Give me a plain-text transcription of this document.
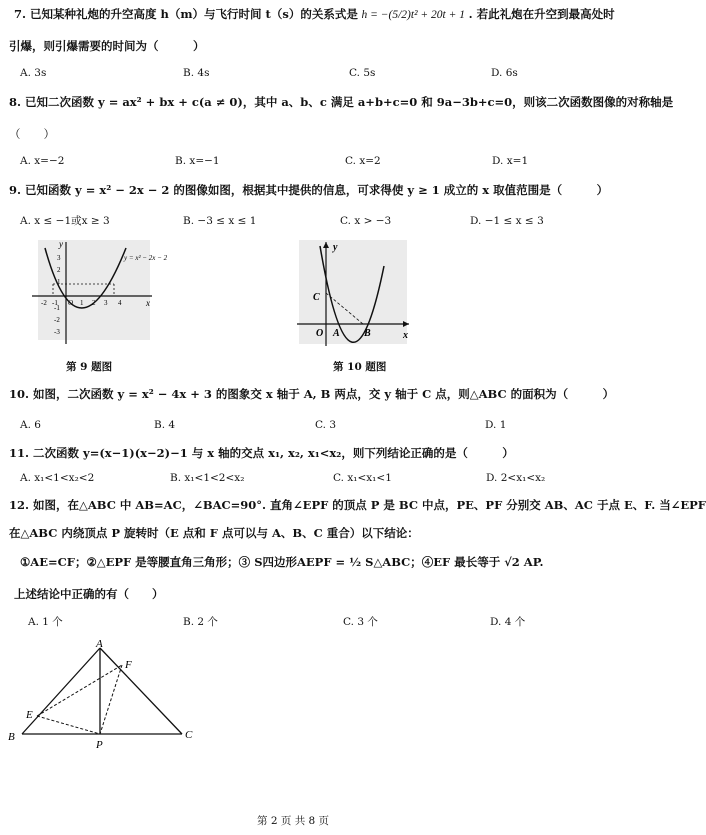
7. 已知某种礼炮的升空高度 h（m）与飞行时间 t（s）的关系式是 h = −(5/2)t² + 20t + 1 . 若此礼炮在升空到最高处时
引爆，则引爆需要的时间为（　　　）
A. 3s	B. 4s	C. 5s	D. 6s
8. 已知二次函数 y = ax² + bx + c(a ≠ 0)，其中 a、b、c 满足 a+b+c=0 和 9a−3b+c=0，则该二次函数图像的对称轴是
（　　）
A. x=−2	B. x=−1	C. x=2	D. x=1
9. 已知函数 y = x² − 2x − 2 的图像如图，根据其中提供的信息，可求得使 y ≥ 1 成立的 x 取值范围是（　　　）
A. x ≤ −1或x ≥ 3	B. −3 ≤ x ≤ 1	C. x > −3	D. −1 ≤ x ≤ 3
x
y
3
2
1
-1
-2
-3
-2 -1 O 1 2 3 4
y = x² − 2x − 2
第 9 题图
x
y
C
O A B
第 10 题图
10. 如图，二次函数 y = x² − 4x + 3 的图象交 x 轴于 A, B 两点，交 y 轴于 C 点，则△ABC 的面积为（　　　）
A. 6	B. 4	C. 3	D. 1
11. 二次函数 y=(x−1)(x−2)−1 与 x 轴的交点 x₁, x₂, x₁<x₂，则下列结论正确的是（　　　）
A. x₁<1<x₂<2	B. x₁<1<2<x₂	C. x₁<x₁<1	D. 2<x₁<x₂
12. 如图，在△ABC 中 AB=AC，∠BAC=90°. 直角∠EPF 的顶点 P 是 BC 中点，PE、PF 分别交 AB、AC 于点 E、F. 当∠EPF
在△ABC 内绕顶点 P 旋转时（E 点和 F 点可以与 A、B、C 重合）以下结论：
①AE=CF；②△EPF 是等腰直角三角形；③ S四边形AEPF = ½ S△ABC；④EF 最长等于 √2 AP.
上述结论中正确的有（　　）
A. 1 个	B. 2 个	C. 3 个	D. 4 个
A
B	C
E
F
P
第 2 页 共 8 页
